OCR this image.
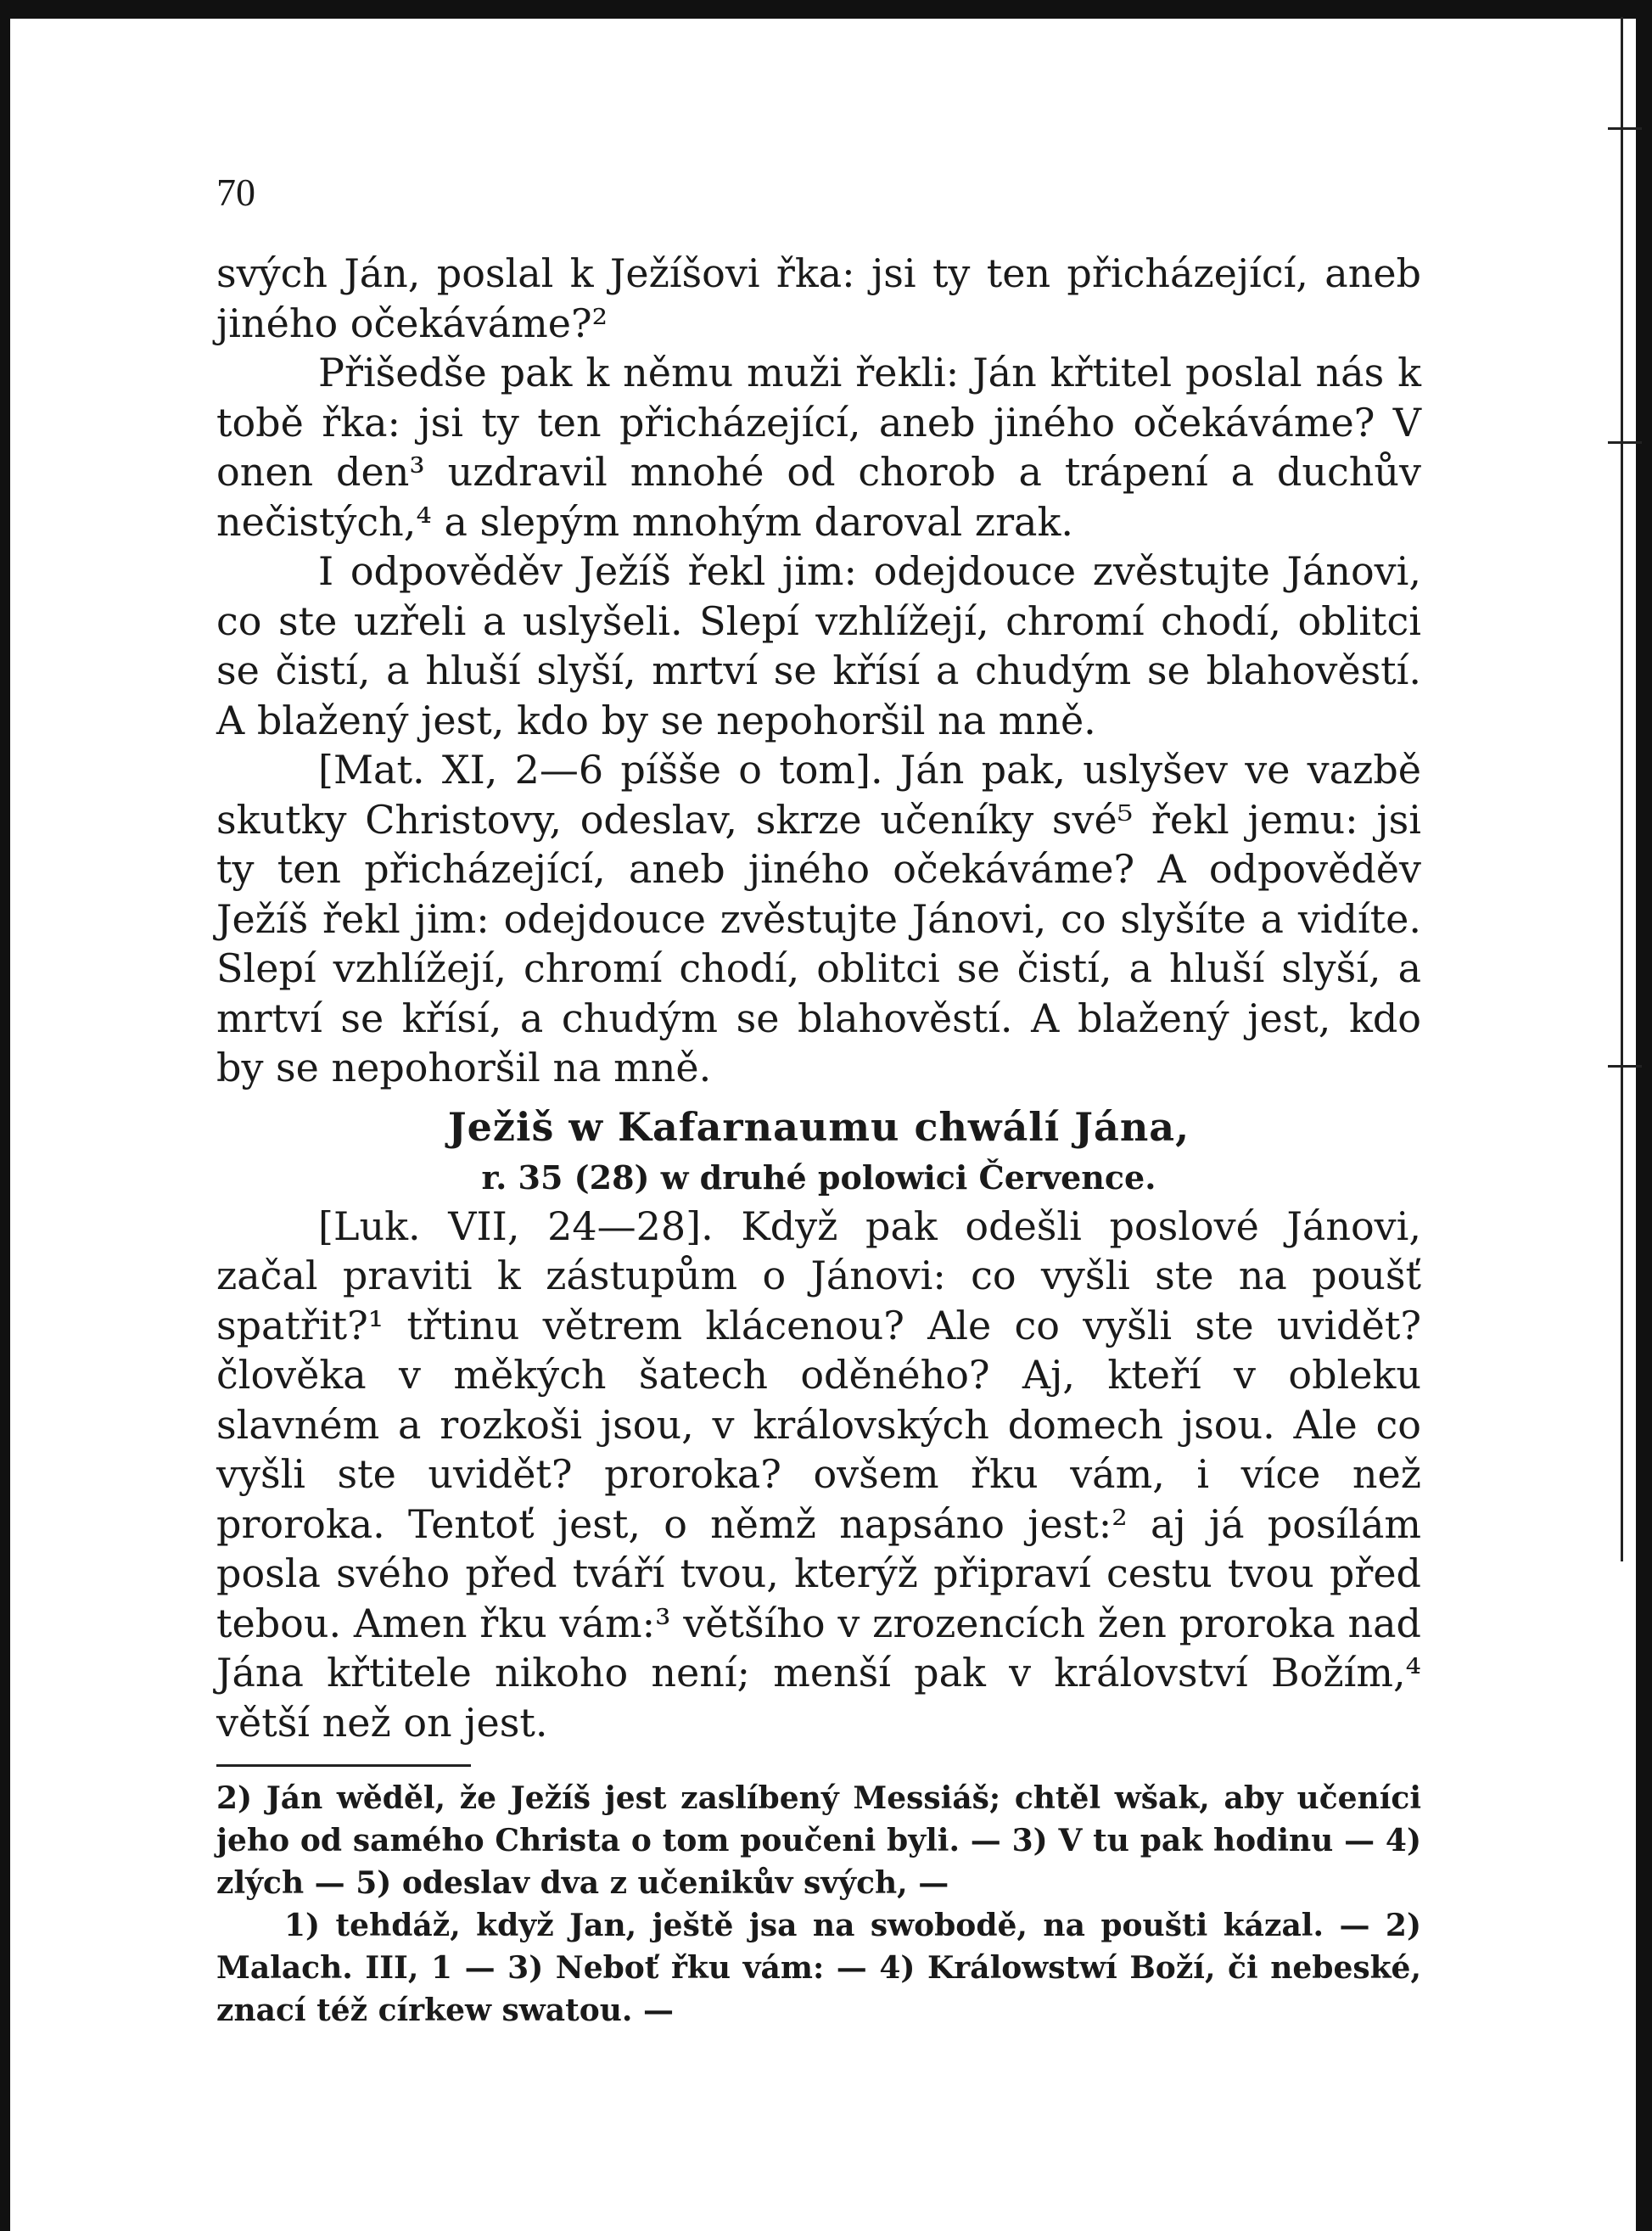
70

svých Ján, poslal k Ježíšovi řka: jsi ty ten přicházející, aneb jiného očekáváme?²

Přišedše pak k němu muži řekli: Ján křtitel poslal nás k tobě řka: jsi ty ten přicházející, aneb jiného očekáváme? V onen den³ uzdravil mnohé od chorob a trápení a duchův nečistých,⁴ a slepým mnohým daroval zrak.

I odpověděv Ježíš řekl jim: odejdouce zvěstujte Jánovi, co ste uzřeli a uslyšeli. Slepí vzhlížejí, chromí chodí, oblitci se čistí, a hluší slyší, mrtví se křísí a chudým se blahověstí. A blažený jest, kdo by se nepohoršil na mně.

[Mat. XI, 2—6 píšše o tom]. Ján pak, uslyšev ve vazbě skutky Christovy, odeslav, skrze učeníky své⁵ řekl jemu: jsi ty ten přicházející, aneb jiného očekáváme? A odpověděv Ježíš řekl jim: odejdouce zvěstujte Jánovi, co slyšíte a vidíte. Slepí vzhlížejí, chromí chodí, oblitci se čistí, a hluší slyší, a mrtví se křísí, a chudým se blahověstí. A blažený jest, kdo by se nepohoršil na mně.

Ježiš w Kafarnaumu chwálí Jána,
r. 35 (28) w druhé polowici Července.

[Luk. VII, 24—28]. Když pak odešli poslové Jánovi, začal praviti k zástupům o Jánovi: co vyšli ste na poušť spatřit?¹ třtinu větrem klácenou? Ale co vyšli ste uvidět? člověka v měkých šatech oděného? Aj, kteří v obleku slavném a rozkoši jsou, v královských domech jsou. Ale co vyšli ste uvidět? proroka? ovšem řku vám, i více než proroka. Tentoť jest, o němž napsáno jest:² aj já posílám posla svého před tváří tvou, kterýž připraví cestu tvou před tebou. Amen řku vám:³ většího v zrozencích žen proroka nad Jána křtitele nikoho není; menší pak v království Božím,⁴ větší než on jest.

2) Ján wěděl, že Ježíš jest zaslíbený Messiáš; chtěl wšak, aby učeníci jeho od samého Christa o tom poučeni byli. — 3) V tu pak hodinu — 4) zlých — 5) odeslav dva z učenikův svých, —

1) tehdáž, když Jan, ještě jsa na swobodě, na poušti kázal. — 2) Malach. III, 1 — 3) Neboť řku vám: — 4) Králowstwí Boží, či nebeské, znací též církew swatou. —
